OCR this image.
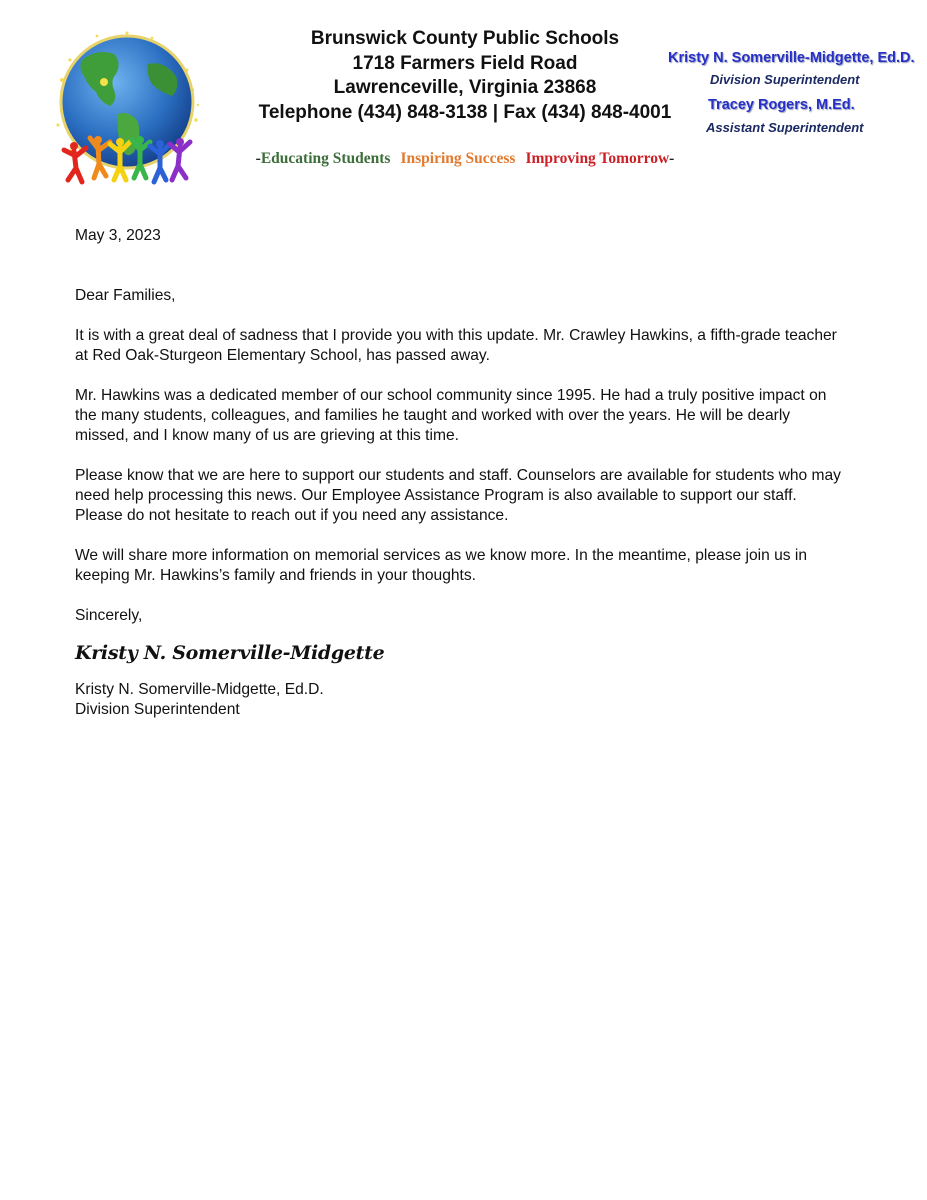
Brunswick County Public Schools
1718 Farmers Field Road
Lawrenceville, Virginia 23868
Telephone (434) 848-3138 | Fax (434) 848-4001
-Educating Students Inspiring Success Improving Tomorrow-
Kristy N. Somerville-Midgette, Ed.D.
Division Superintendent
Tracey Rogers, M.Ed.
Assistant Superintendent

May 3, 2023

Dear Families,

It is with a great deal of sadness that I provide you with this update. Mr. Crawley Hawkins, a fifth-grade teacher at Red Oak-Sturgeon Elementary School, has passed away.

Mr. Hawkins was a dedicated member of our school community since 1995. He had a truly positive impact on the many students, colleagues, and families he taught and worked with over the years. He will be dearly missed, and I know many of us are grieving at this time.

Please know that we are here to support our students and staff. Counselors are available for students who may need help processing this news. Our Employee Assistance Program is also available to support our staff. Please do not hesitate to reach out if you need any assistance.

We will share more information on memorial services as we know more. In the meantime, please join us in keeping Mr. Hawkins’s family and friends in your thoughts.

Sincerely,

Kristy N. Somerville-Midgette

Kristy N. Somerville-Midgette, Ed.D.

Division Superintendent
